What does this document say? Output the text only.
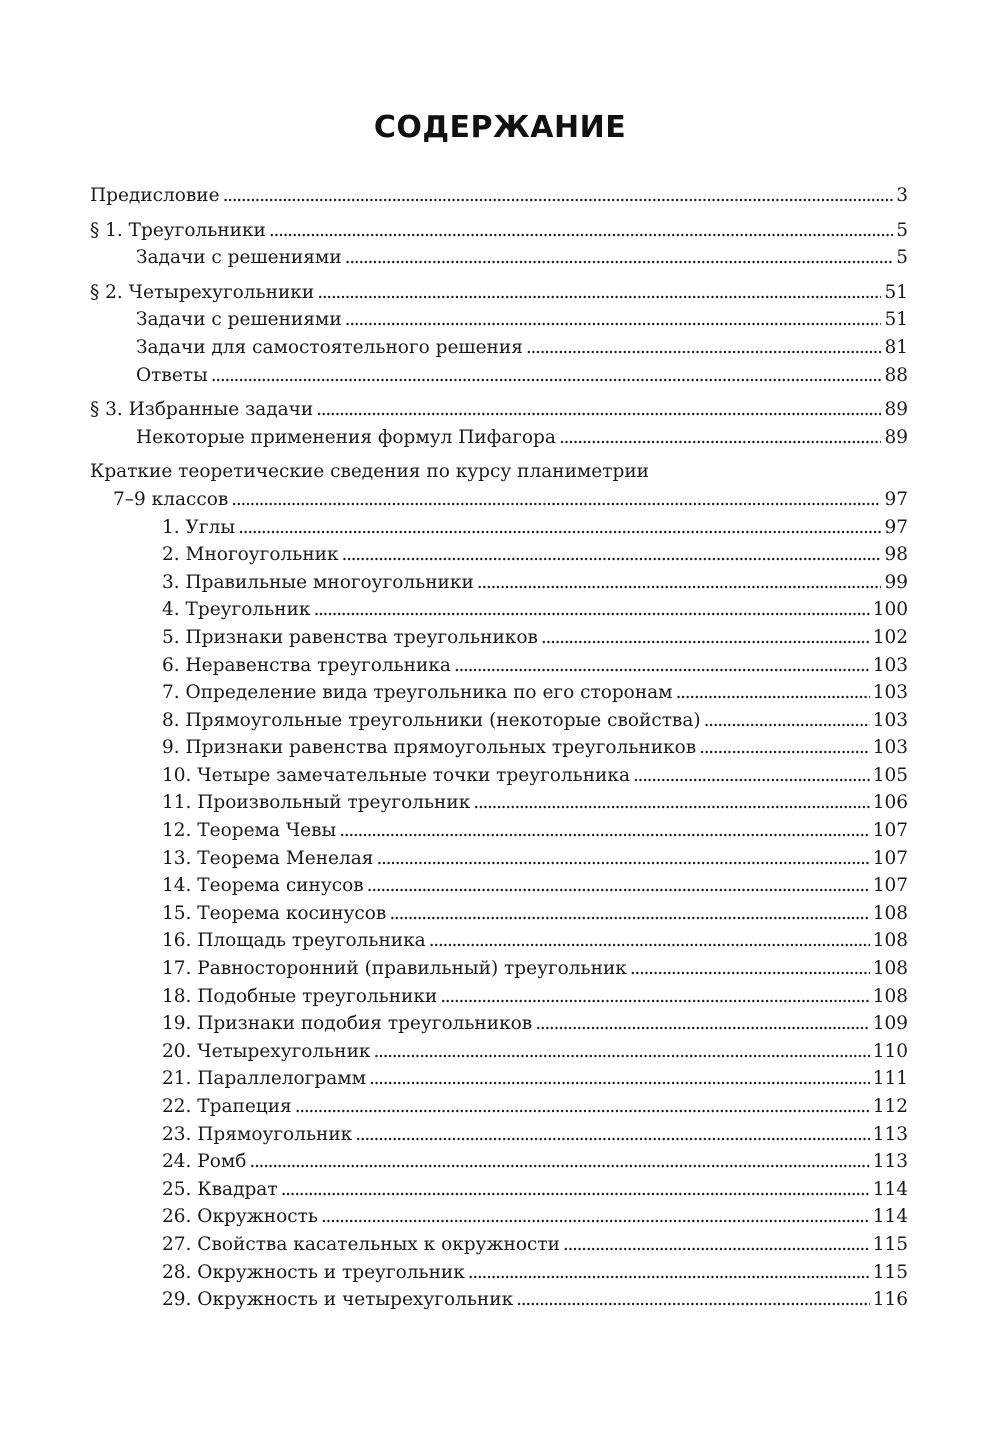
СОДЕРЖАНИЕ
Предисловие . . .	3
§ 1. Треугольники . . .	5
Задачи с решениями . . .	5
§ 2. Четырехугольники . . .	51
Задачи с решениями . . .	51
Задачи для самостоятельного решения . . .	81
Ответы . . .	88
§ 3. Избранные задачи . . .	89
Некоторые применения формул Пифагора . . .	89
Краткие теоретические сведения по курсу планиметрии
7–9 классов . . .	97
1. Углы . . .	97
2. Многоугольник . . .	98
3. Правильные многоугольники . . .	99
4. Треугольник . . .	100
5. Признаки равенства треугольников . . .	102
6. Неравенства треугольника . . .	103
7. Определение вида треугольника по его сторонам . . .	103
8. Прямоугольные треугольники (некоторые свойства) . . .	103
9. Признаки равенства прямоугольных треугольников . . .	103
10. Четыре замечательные точки треугольника . . .	105
11. Произвольный треугольник . . .	106
12. Теорема Чевы . . .	107
13. Теорема Менелая . . .	107
14. Теорема синусов . . .	107
15. Теорема косинусов . . .	108
16. Площадь треугольника . . .	108
17. Равносторонний (правильный) треугольник . . .	108
18. Подобные треугольники . . .	108
19. Признаки подобия треугольников . . .	109
20. Четырехугольник . . .	110
21. Параллелограмм . . .	111
22. Трапеция . . .	112
23. Прямоугольник . . .	113
24. Ромб . . .	113
25. Квадрат . . .	114
26. Окружность . . .	114
27. Свойства касательных к окружности . . .	115
28. Окружность и треугольник . . .	115
29. Окружность и четырехугольник . . .	116
